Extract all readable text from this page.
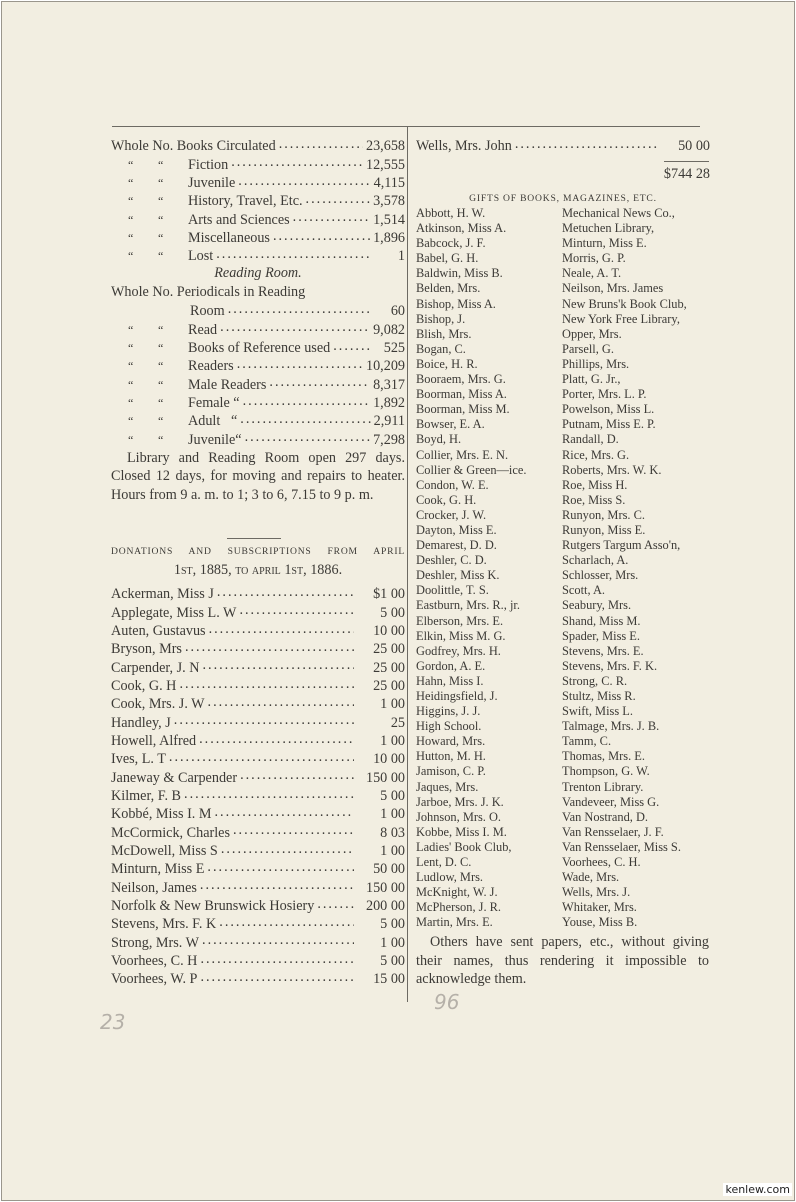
Whole No. Books Circulated .....	23,658
“	“	Fiction .....	12,555
“	“	Juvenile .....	4,115
“	“	History, Travel, Etc. .....	3,578
“	“	Arts and Sciences .....	1,514
“	“	Miscellaneous .....	1,896
“	“	Lost .....	1
Reading Room.
Whole No. Periodicals in Reading
Room .....	60
“	“	Read .....	9,082
“	“	Books of Reference used .....	525
“	“	Readers .....	10,209
“	“	Male Readers .....	8,317
“	“	Female “ .....	1,892
“	“	Adult   “ .....	2,911
“	“	Juvenile“ .....	7,298
Library and Reading Room open 297 days. Closed 12 days, for moving and repairs to heater. Hours from 9 a. m. to 1; 3 to 6, 7.15 to 9 p. m.
DONATIONS AND SUBSCRIPTIONS FROM APRIL
1st, 1885, to april 1st, 1886.
Ackerman, Miss J .....	$1 00
Applegate, Miss L. W .....	5 00
Auten, Gustavus .....	10 00
Bryson, Mrs .....	25 00
Carpender, J. N .....	25 00
Cook, G. H .....	25 00
Cook, Mrs. J. W .....	1 00
Handley, J .....	25
Howell, Alfred .....	1 00
Ives, L. T .....	10 00
Janeway & Carpender .....	150 00
Kilmer, F. B .....	5 00
Kobbé, Miss I. M .....	1 00
McCormick, Charles .....	8 03
McDowell, Miss S .....	1 00
Minturn, Miss E .....	50 00
Neilson, James .....	150 00
Norfolk & New Brunswick Hosiery .....	200 00
Stevens, Mrs. F. K .....	5 00
Strong, Mrs. W .....	1 00
Voorhees, C. H .....	5 00
Voorhees, W. P .....	15 00
Wells, Mrs. John .....	50 00
$744 28
GIFTS OF BOOKS, MAGAZINES, ETC.
Abbott, H. W.	Mechanical News Co.,
Atkinson, Miss A.	Metuchen Library,
Babcock, J. F.	Minturn, Miss E.
Babel, G. H.	Morris, G. P.
Baldwin, Miss B.	Neale, A. T.
Belden, Mrs.	Neilson, Mrs. James
Bishop, Miss A.	New Bruns'k Book Club,
Bishop, J.	New York Free Library,
Blish, Mrs.	Opper, Mrs.
Bogan, C.	Parsell, G.
Boice, H. R.	Phillips, Mrs.
Booraem, Mrs. G.	Platt, G. Jr.,
Boorman, Miss A.	Porter, Mrs. L. P.
Boorman, Miss M.	Powelson, Miss L.
Bowser, E. A.	Putnam, Miss E. P.
Boyd, H.	Randall, D.
Collier, Mrs. E. N.	Rice, Mrs. G.
Collier & Green—ice.	Roberts, Mrs. W. K.
Condon, W. E.	Roe, Miss H.
Cook, G. H.	Roe, Miss S.
Crocker, J. W.	Runyon, Mrs. C.
Dayton, Miss E.	Runyon, Miss E.
Demarest, D. D.	Rutgers Targum Asso'n,
Deshler, C. D.	Scharlach, A.
Deshler, Miss K.	Schlosser, Mrs.
Doolittle, T. S.	Scott, A.
Eastburn, Mrs. R., jr.	Seabury, Mrs.
Elberson, Mrs. E.	Shand, Miss M.
Elkin, Miss M. G.	Spader, Miss E.
Godfrey, Mrs. H.	Stevens, Mrs. E.
Gordon, A. E.	Stevens, Mrs. F. K.
Hahn, Miss I.	Strong, C. R.
Heidingsfield, J.	Stultz, Miss R.
Higgins, J. J.	Swift, Miss L.
High School.	Talmage, Mrs. J. B.
Howard, Mrs.	Tamm, C.
Hutton, M. H.	Thomas, Mrs. E.
Jamison, C. P.	Thompson, G. W.
Jaques, Mrs.	Trenton Library.
Jarboe, Mrs. J. K.	Vandeveer, Miss G.
Johnson, Mrs. O.	Van Nostrand, D.
Kobbe, Miss I. M.	Van Rensselaer, J. F.
Ladies' Book Club,	Van Rensselaer, Miss S.
Lent, D. C.	Voorhees, C. H.
Ludlow, Mrs.	Wade, Mrs.
McKnight, W. J.	Wells, Mrs. J.
McPherson, J. R.	Whitaker, Mrs.
Martin, Mrs. E.	Youse, Miss B.
Others have sent papers, etc., without giving their names, thus rendering it impossible to acknowledge them.
23
96
kenlew.com
